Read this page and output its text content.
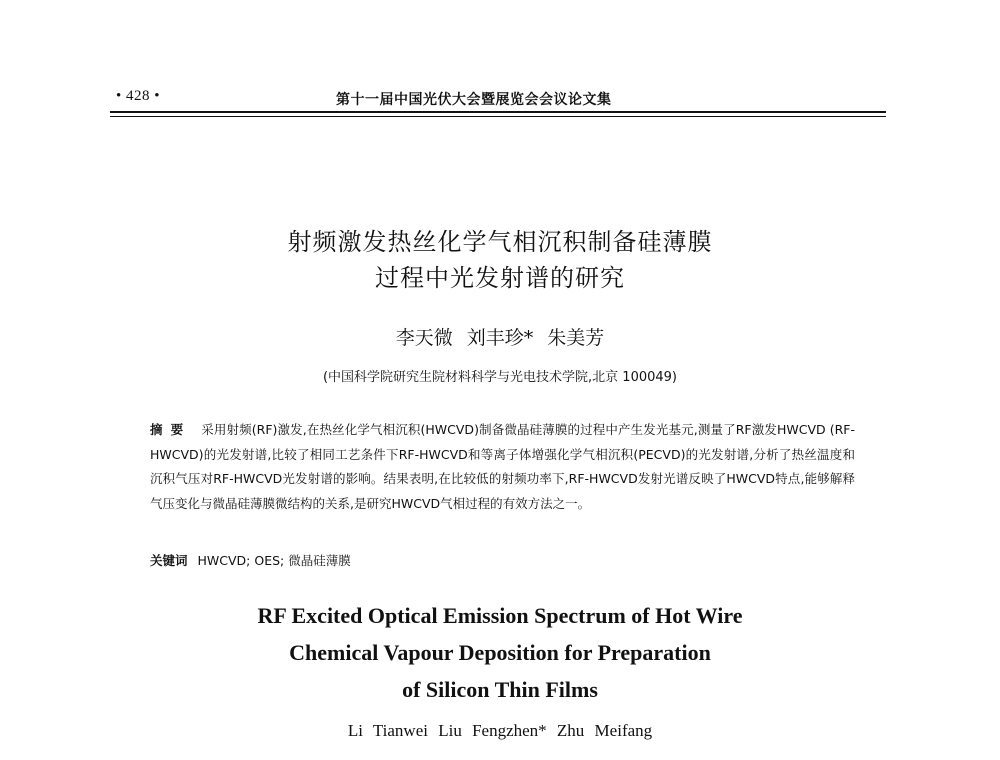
• 428 •	第十一届中国光伏大会暨展览会会议论文集
射频激发热丝化学气相沉积制备硅薄膜
过程中光发射谱的研究
李天微 刘丰珍* 朱美芳
(中国科学院研究生院材料科学与光电技术学院,北京 100049)
摘要 采用射频(RF)激发,在热丝化学气相沉积(HWCVD)制备微晶硅薄膜的过程中产生发光基元,测量了RF激发HWCVD (RF-HWCVD)的光发射谱,比较了相同工艺条件下RF-HWCVD和等离子体增强化学气相沉积(PECVD)的光发射谱,分析了热丝温度和沉积气压对RF-HWCVD光发射谱的影响。结果表明,在比较低的射频功率下,RF-HWCVD发射光谱反映了HWCVD特点,能够解释气压变化与微晶硅薄膜微结构的关系,是研究HWCVD气相过程的有效方法之一。
关键词 HWCVD; OES; 微晶硅薄膜
RF Excited Optical Emission Spectrum of Hot Wire
Chemical Vapour Deposition for Preparation
of Silicon Thin Films
Li Tianwei Liu Fengzhen* Zhu Meifang
